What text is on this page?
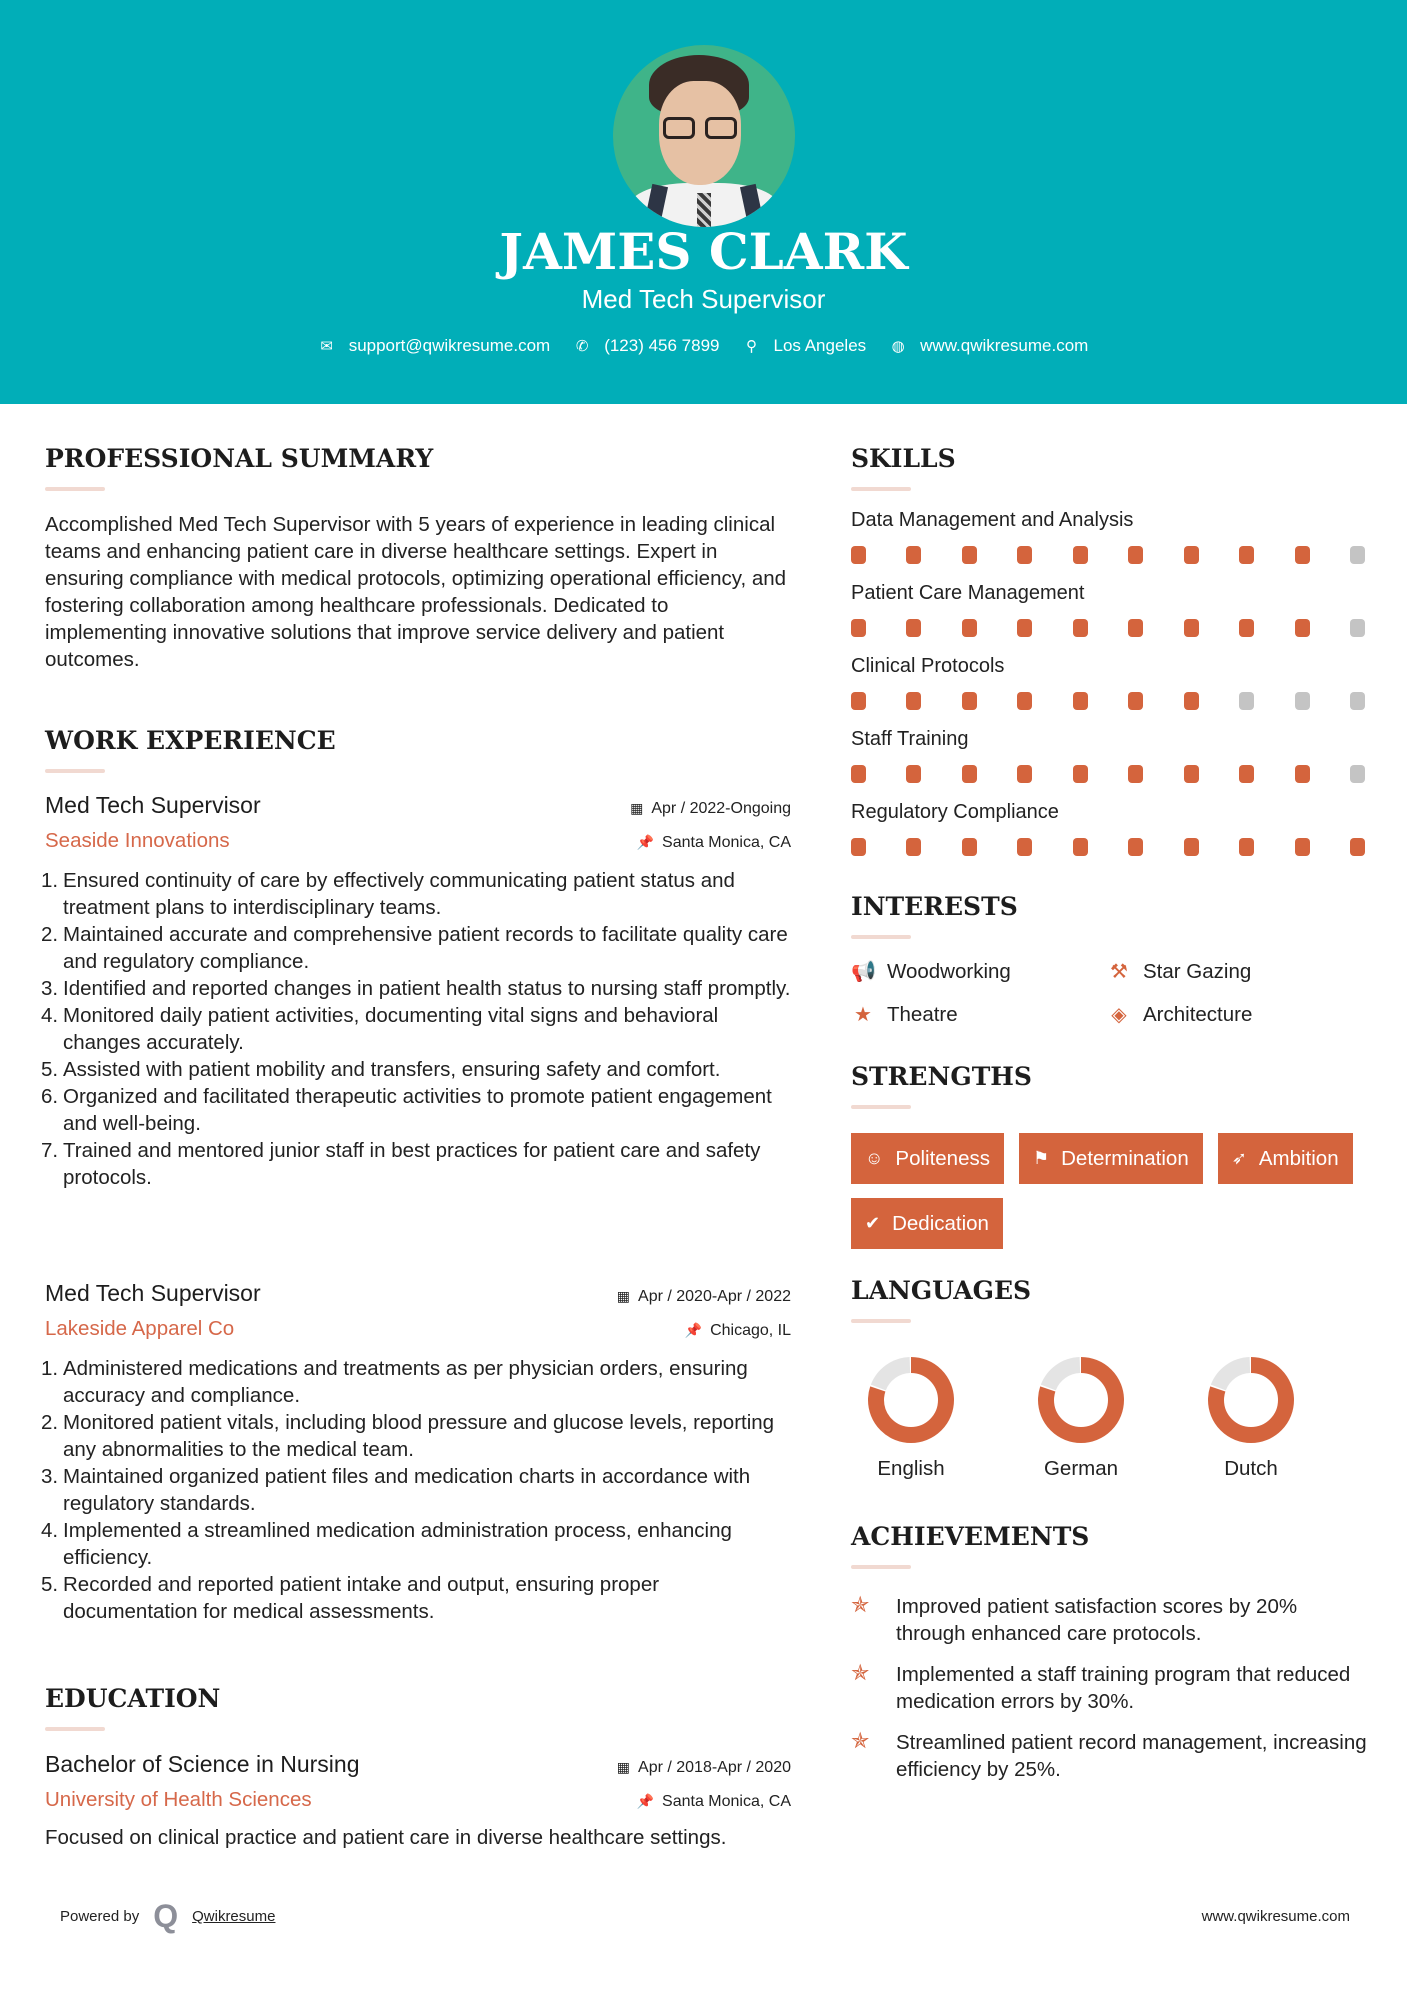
JAMES CLARK
Med Tech Supervisor
✉ support@qwikresume.com ✆ (123) 456 7899 ⚲ Los Angeles ◍ www.qwikresume.com
PROFESSIONAL SUMMARY

Accomplished Med Tech Supervisor with 5 years of experience in leading clinical teams and enhancing patient care in diverse healthcare settings. Expert in ensuring compliance with medical protocols, optimizing operational efficiency, and fostering collaboration among healthcare professionals. Dedicated to implementing innovative solutions that improve service delivery and patient outcomes.

WORK EXPERIENCE
Med Tech Supervisor	▦ Apr / 2022-Ongoing
Seaside Innovations	📌 Santa Monica, CA
1. Ensured continuity of care by effectively communicating patient status and treatment plans to interdisciplinary teams.
2. Maintained accurate and comprehensive patient records to facilitate quality care and regulatory compliance.
3. Identified and reported changes in patient health status to nursing staff promptly.
4. Monitored daily patient activities, documenting vital signs and behavioral changes accurately.
5. Assisted with patient mobility and transfers, ensuring safety and comfort.
6. Organized and facilitated therapeutic activities to promote patient engagement and well-being.
7. Trained and mentored junior staff in best practices for patient care and safety protocols.
Med Tech Supervisor	▦ Apr / 2020-Apr / 2022
Lakeside Apparel Co	📌 Chicago, IL
1. Administered medications and treatments as per physician orders, ensuring accuracy and compliance.
2. Monitored patient vitals, including blood pressure and glucose levels, reporting any abnormalities to the medical team.
3. Maintained organized patient files and medication charts in accordance with regulatory standards.
4. Implemented a streamlined medication administration process, enhancing efficiency.
5. Recorded and reported patient intake and output, ensuring proper documentation for medical assessments.
EDUCATION
Bachelor of Science in Nursing	▦ Apr / 2018-Apr / 2020
University of Health Sciences	📌 Santa Monica, CA

Focused on clinical practice and patient care in diverse healthcare settings.

SKILLS
Data Management and Analysis
Patient Care Management
Clinical Protocols
Staff Training
Regulatory Compliance
INTERESTS
📢 Woodworking	⚒ Star Gazing
★ Theatre	◈ Architecture
STRENGTHS
☺ Politeness ⚑ Determination ➶ Ambition
✔ Dedication
LANGUAGES
English	German	Dutch
ACHIEVEMENTS
✯	Improved patient satisfaction scores by 20% through enhanced care protocols.
✯	Implemented a staff training program that reduced medication errors by 30%.
✯	Streamlined patient record management, increasing efficiency by 25%.
Powered by Q Qwikresume	www.qwikresume.com
